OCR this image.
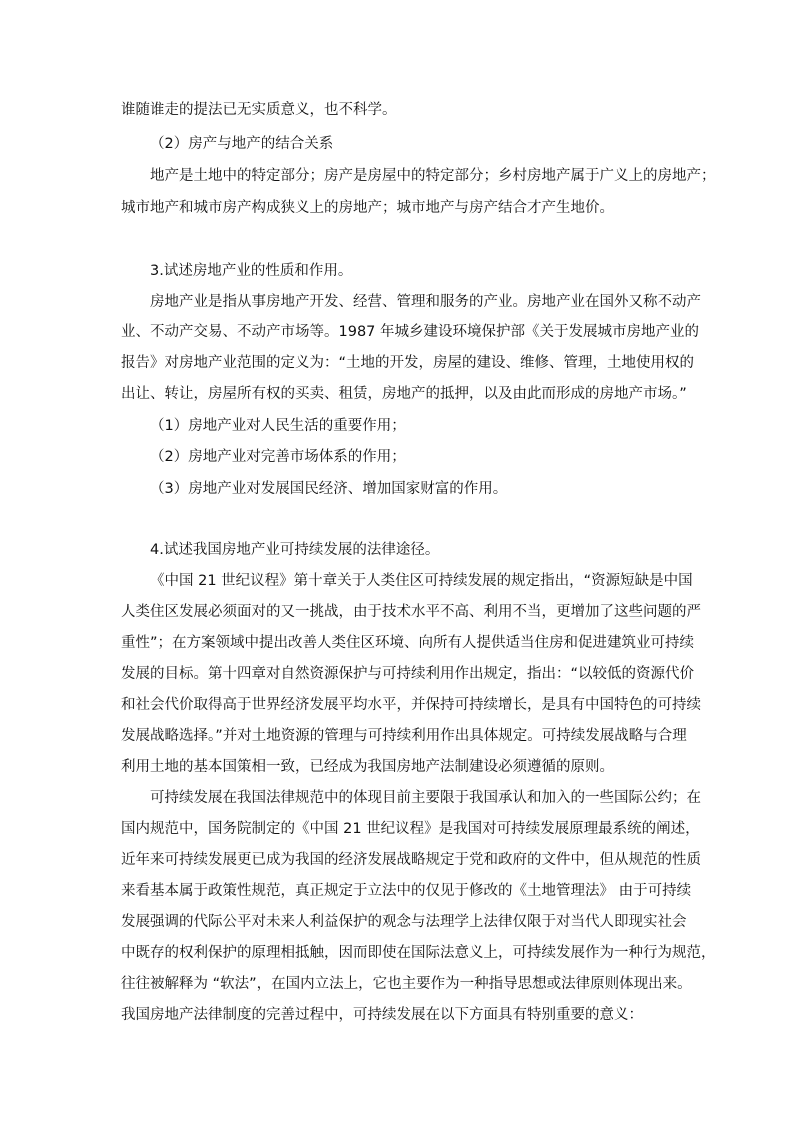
谁随谁走的提法已无实质意义，也不科学。
（2）房产与地产的结合关系
地产是土地中的特定部分；房产是房屋中的特定部分；乡村房地产属于广义上的房地产；
城市地产和城市房产构成狭义上的房地产；城市地产与房产结合才产生地价。
3.试述房地产业的性质和作用。
房地产业是指从事房地产开发、经营、管理和服务的产业。房地产业在国外又称不动产
业、不动产交易、不动产市场等。1987 年城乡建设环境保护部《关于发展城市房地产业的
报告》对房地产业范围的定义为：“土地的开发，房屋的建设、维修、管理，土地使用权的
出让、转让，房屋所有权的买卖、租赁，房地产的抵押，以及由此而形成的房地产市场。”
（1）房地产业对人民生活的重要作用；
（2）房地产业对完善市场体系的作用；
（3）房地产业对发展国民经济、增加国家财富的作用。
4.试述我国房地产业可持续发展的法律途径。
《中国 21 世纪议程》第十章关于人类住区可持续发展的规定指出，“资源短缺是中国
人类住区发展必须面对的又一挑战，由于技术水平不高、利用不当，更增加了这些问题的严
重性”；在方案领域中提出改善人类住区环境、向所有人提供适当住房和促进建筑业可持续
发展的目标。第十四章对自然资源保护与可持续利用作出规定，指出：“以较低的资源代价
和社会代价取得高于世界经济发展平均水平，并保持可持续增长，是具有中国特色的可持续
发展战略选择。”并对土地资源的管理与可持续利用作出具体规定。可持续发展战略与合理
利用土地的基本国策相一致，已经成为我国房地产法制建设必须遵循的原则。
可持续发展在我国法律规范中的体现目前主要限于我国承认和加入的一些国际公约；在
国内规范中，国务院制定的《中国 21 世纪议程》是我国对可持续发展原理最系统的阐述，
近年来可持续发展更已成为我国的经济发展战略规定于党和政府的文件中，但从规范的性质
来看基本属于政策性规范，真正规定于立法中的仅见于修改的《土地管理法》 由于可持续
发展强调的代际公平对未来人利益保护的观念与法理学上法律仅限于对当代人即现实社会
中既存的权利保护的原理相抵触，因而即使在国际法意义上，可持续发展作为一种行为规范，
往往被解释为 “软法”，在国内立法上，它也主要作为一种指导思想或法律原则体现出来。
我国房地产法律制度的完善过程中，可持续发展在以下方面具有特别重要的意义：
